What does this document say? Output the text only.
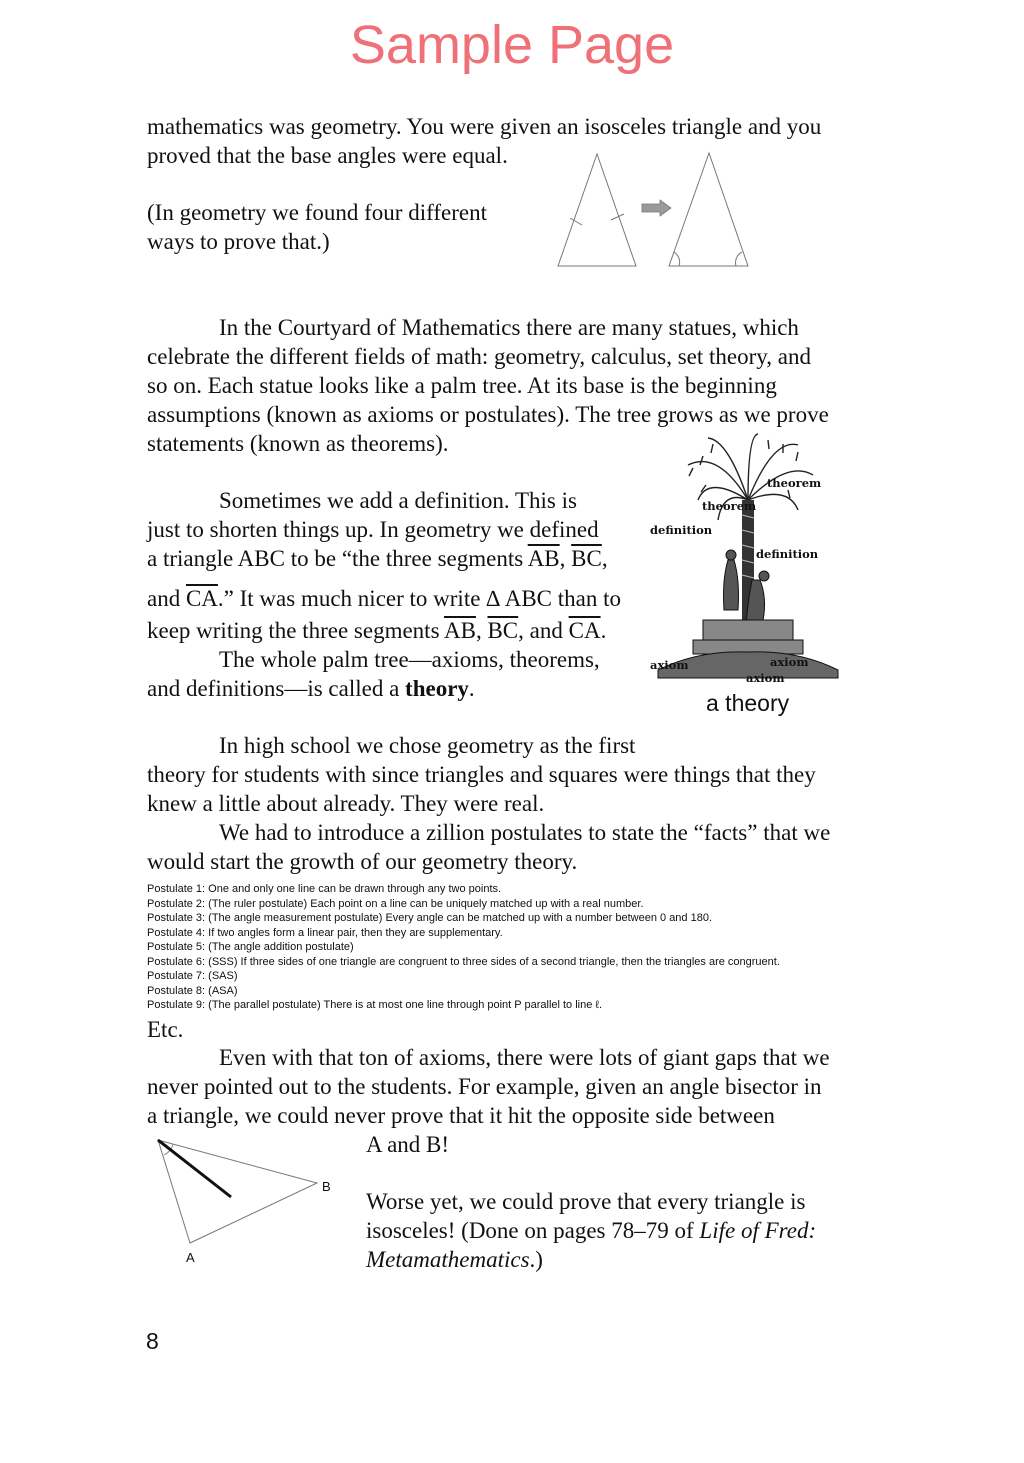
Sample Page
mathematics was geometry. You were given an isosceles triangle and you
proved that the base angles were equal.
(In geometry we found four different
ways to prove that.)
In the Courtyard of Mathematics there are many statues, which
celebrate the different fields of math: geometry, calculus, set theory, and
so on. Each statue looks like a palm tree. At its base is the beginning
assumptions (known as axioms or postulates). The tree grows as we prove
statements (known as theorems).
Sometimes we add a definition. This is
just to shorten things up. In geometry we defined
a triangle ABC to be “the three segments $\overline{AB}$, $\overline{BC}$,
and $\overline{CA}$.” It was much nicer to write ∆ ABC than to
keep writing the three segments $\overline{AB}$, $\overline{BC}$, and $\overline{CA}$.
The whole palm tree—axioms, theorems,
and definitions—is called a theory.
theorem
theorem
definition
definition
axiom	axiom
axiom
a theory
In high school we chose geometry as the first
theory for students with since triangles and squares were things that they
knew a little about already. They were real.
We had to introduce a zillion postulates to state the “facts” that we
would start the growth of our geometry theory.
Postulate 1: One and only one line can be drawn through any two points.
Postulate 2: (The ruler postulate) Each point on a line can be uniquely matched up with a real number.
Postulate 3: (The angle measurement postulate) Every angle can be matched up with a number between 0 and 180.
Postulate 4: If two angles form a linear pair, then they are supplementary.
Postulate 5: (The angle addition postulate)
Postulate 6: (SSS) If three sides of one triangle are congruent to three sides of a second triangle, then the triangles are congruent.
Postulate 7: (SAS)
Postulate 8: (ASA)
Postulate 9: (The parallel postulate) There is at most one line through point P parallel to line ℓ.
Etc.
Even with that ton of axioms, there were lots of giant gaps that we
never pointed out to the students. For example, given an angle bisector in
a triangle, we could never prove that it hit the opposite side between
A and B!
Worse yet, we could prove that every triangle is
isosceles! (Done on pages 78–79 of Life of Fred:
Metamathematics.)
B
A
8
